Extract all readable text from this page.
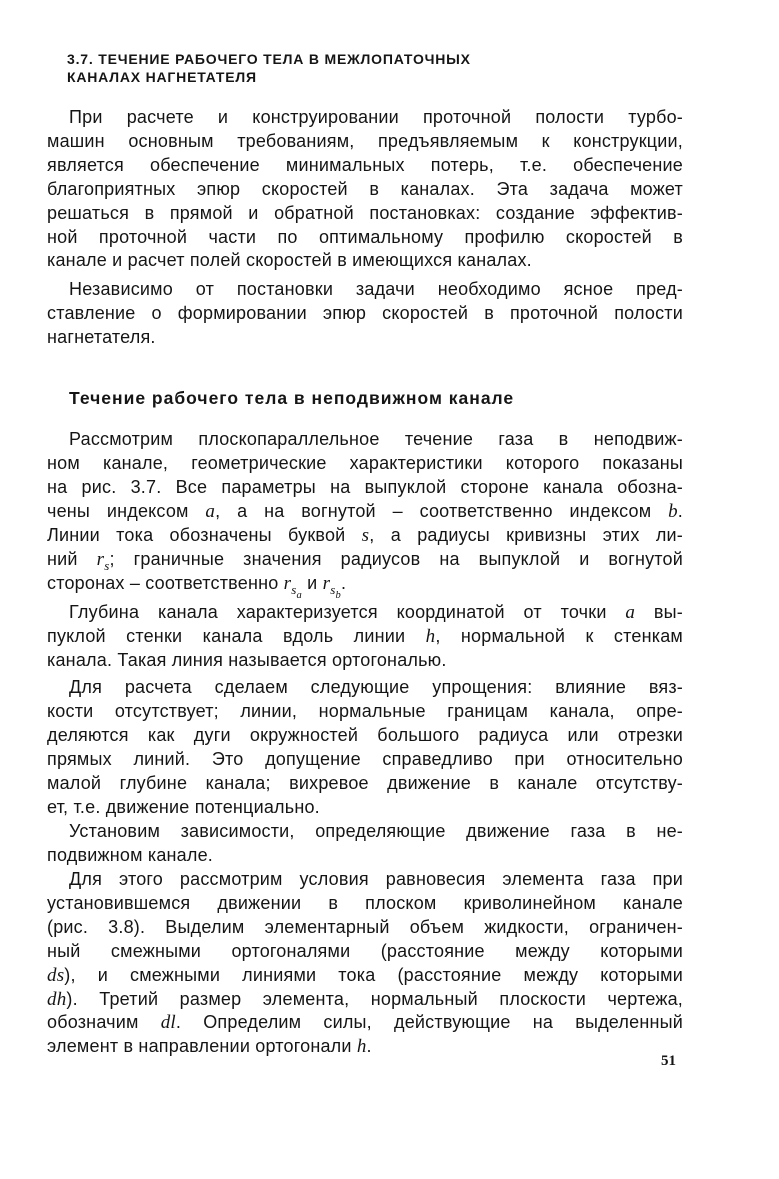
3.7. ТЕЧЕНИЕ РАБОЧЕГО ТЕЛА В МЕЖЛОПАТОЧНЫХ
КАНАЛАХ НАГНЕТАТЕЛЯ
При расчете и конструировании проточной полости турбо-
машин основным требованиям, предъявляемым к конструкции,
является обеспечение минимальных потерь, т.е. обеспечение
благоприятных эпюр скоростей в каналах. Эта задача может
решаться в прямой и обратной постановках: создание эффектив-
ной проточной части по оптимальному профилю скоростей в
канале и расчет полей скоростей в имеющихся каналах.
Независимо от постановки задачи необходимо ясное пред-
ставление о формировании эпюр скоростей в проточной полости
нагнетателя.
Течение рабочего тела в неподвижном канале
Рассмотрим плоскопараллельное течение газа в неподвиж-
ном канале, геометрические характеристики которого показаны
на рис. 3.7. Все параметры на выпуклой стороне канала обозна-
чены индексом a, а на вогнутой – соответственно индексом b.
Линии тока обозначены буквой s, а радиусы кривизны этих ли-
ний $r_s$; граничные значения радиусов на выпуклой и вогнутой
сторонах – соответственно $r_{sa}$ и $r_{sb}$.
Глубина канала характеризуется координатой от точки a вы-
пуклой стенки канала вдоль линии h, нормальной к стенкам
канала. Такая линия называется ортогональю.
Для расчета сделаем следующие упрощения: влияние вяз-
кости отсутствует; линии, нормальные границам канала, опре-
деляются как дуги окружностей большого радиуса или отрезки
прямых линий. Это допущение справедливо при относительно
малой глубине канала; вихревое движение в канале отсутству-
ет, т.е. движение потенциально.
Установим зависимости, определяющие движение газа в не-
подвижном канале.
Для этого рассмотрим условия равновесия элемента газа при
установившемся движении в плоском криволинейном канале
(рис. 3.8). Выделим элементарный объем жидкости, ограничен-
ный смежными ортогоналями (расстояние между которыми
ds), и смежными линиями тока (расстояние между которыми
dh). Третий размер элемента, нормальный плоскости чертежа,
обозначим dl. Определим силы, действующие на выделенный
элемент в направлении ортогонали h.
51
